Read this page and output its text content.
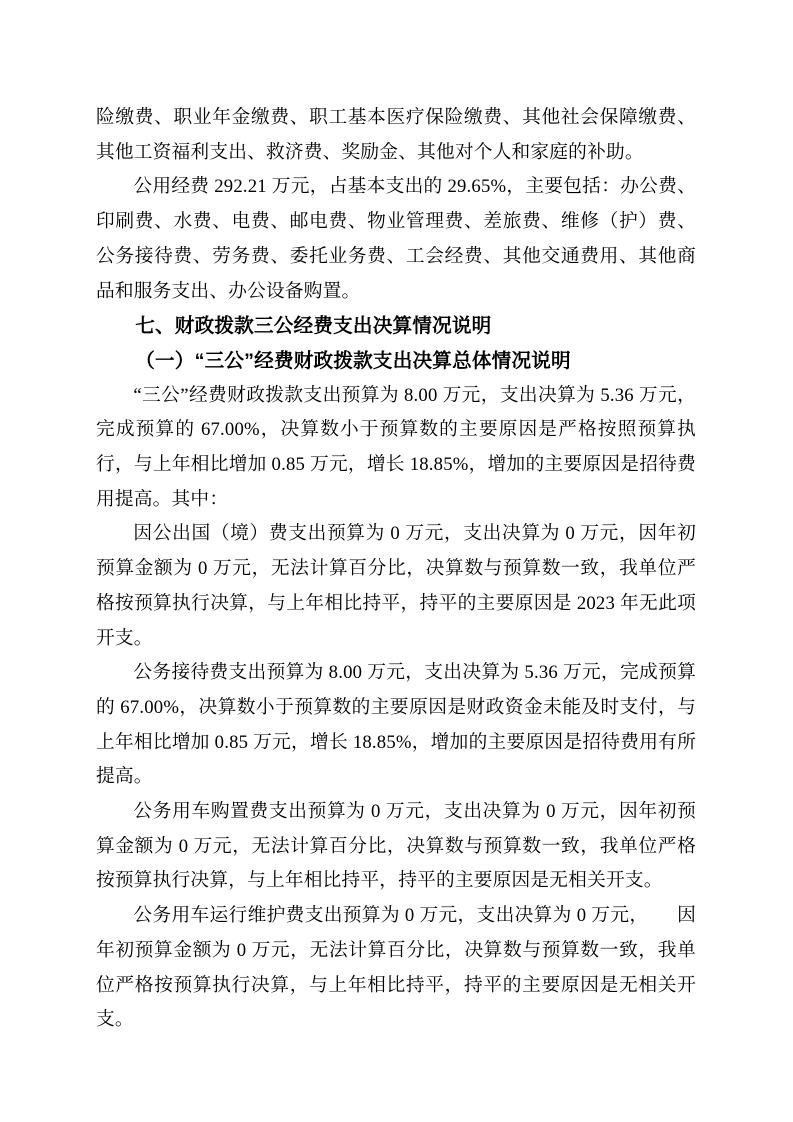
险缴费、职业年金缴费、职工基本医疗保险缴费、其他社会保障缴费、其他工资福利支出、救济费、奖励金、其他对个人和家庭的补助。

公用经费 292.21 万元，占基本支出的 29.65%，主要包括：办公费、印刷费、水费、电费、邮电费、物业管理费、差旅费、维修（护）费、公务接待费、劳务费、委托业务费、工会经费、其他交通费用、其他商品和服务支出、办公设备购置。

七、财政拨款三公经费支出决算情况说明
（一）“三公”经费财政拨款支出决算总体情况说明

“三公”经费财政拨款支出预算为 8.00 万元，支出决算为 5.36 万元，完成预算的 67.00%，决算数小于预算数的主要原因是严格按照预算执行，与上年相比增加 0.85 万元，增长 18.85%，增加的主要原因是招待费用提高。其中：

因公出国（境）费支出预算为 0 万元，支出决算为 0 万元，因年初预算金额为 0 万元，无法计算百分比，决算数与预算数一致，我单位严格按预算执行决算，与上年相比持平，持平的主要原因是 2023 年无此项开支。

公务接待费支出预算为 8.00 万元，支出决算为 5.36 万元，完成预算的 67.00%，决算数小于预算数的主要原因是财政资金未能及时支付，与上年相比增加 0.85 万元，增长 18.85%，增加的主要原因是招待费用有所提高。

公务用车购置费支出预算为 0 万元，支出决算为 0 万元，因年初预算金额为 0 万元，无法计算百分比，决算数与预算数一致，我单位严格按预算执行决算，与上年相比持平，持平的主要原因是无相关开支。

公务用车运行维护费支出预算为 0 万元，支出决算为 0 万元，　　因年初预算金额为 0 万元，无法计算百分比，决算数与预算数一致，我单位严格按预算执行决算，与上年相比持平，持平的主要原因是无相关开支。
